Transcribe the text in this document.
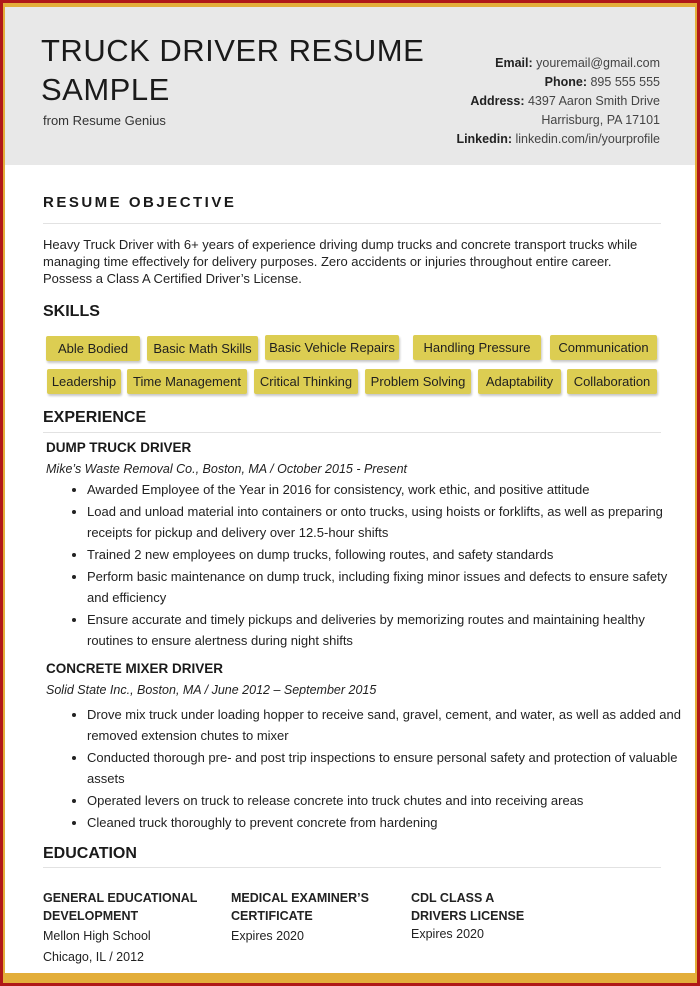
TRUCK DRIVER RESUME SAMPLE
from Resume Genius
Email: youremail@gmail.com
Phone: 895 555 555
Address: 4397 Aaron Smith Drive
Harrisburg, PA 17101
Linkedin: linkedin.com/in/yourprofile
RESUME OBJECTIVE
Heavy Truck Driver with 6+ years of experience driving dump trucks and concrete transport trucks while managing time effectively for delivery purposes. Zero accidents or injuries throughout entire career. Possess a Class A Certified Driver’s License.
SKILLS
Able Bodied	Basic Math Skills	Basic Vehicle Repairs	Handling Pressure	Communication
Leadership	Time Management	Critical Thinking	Problem Solving	Adaptability	Collaboration
EXPERIENCE
DUMP TRUCK DRIVER
Mike’s Waste Removal Co., Boston, MA / October 2015 - Present
• Awarded Employee of the Year in 2016 for consistency, work ethic, and positive attitude
• Load and unload material into containers or onto trucks, using hoists or forklifts, as well as preparing receipts for pickup and delivery over 12.5-hour shifts
• Trained 2 new employees on dump trucks, following routes, and safety standards
• Perform basic maintenance on dump truck, including fixing minor issues and defects to ensure safety and efficiency
• Ensure accurate and timely pickups and deliveries by memorizing routes and maintaining healthy routines to ensure alertness during night shifts
CONCRETE MIXER DRIVER
Solid State Inc., Boston, MA / June 2012 – September 2015
• Drove mix truck under loading hopper to receive sand, gravel, cement, and water, as well as added and removed extension chutes to mixer
• Conducted thorough pre- and post trip inspections to ensure personal safety and protection of valuable assets
• Operated levers on truck to release concrete into truck chutes and into receiving areas
• Cleaned truck thoroughly to prevent concrete from hardening
EDUCATION
GENERAL EDUCATIONAL
DEVELOPMENT
Mellon High School
Chicago, IL / 2012
MEDICAL EXAMINER’S
CERTIFICATE
Expires 2020
CDL CLASS A
DRIVERS LICENSE
Expires 2020
